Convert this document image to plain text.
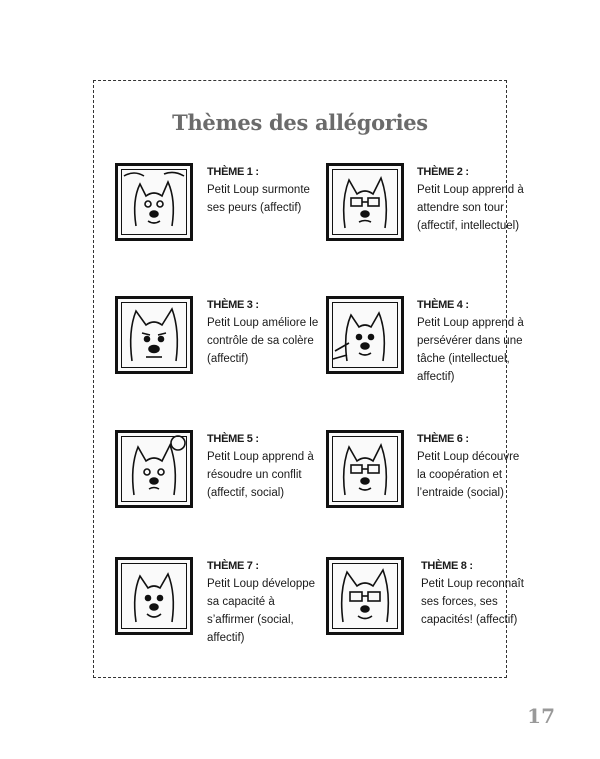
Thèmes des allégories
THÈME 1 :
Petit Loup surmonte ses peurs (affectif)
THÈME 2 :
Petit Loup apprend à attendre son tour (affectif, intellectuel)
THÈME 3 :
Petit Loup améliore le contrôle de sa colère (affectif)
THÈME 4 :
Petit Loup apprend à persévérer dans une tâche (intellectuel, affectif)
THÈME 5 :
Petit Loup apprend à résoudre un conflit (affectif, social)
THÈME 6 :
Petit Loup découvre la coopération et l’entraide (social)
THÈME 7 :
Petit Loup développe sa capacité à s’affirmer (social, affectif)
THÈME 8 :
Petit Loup reconnaît ses forces, ses capacités! (affectif)
17
